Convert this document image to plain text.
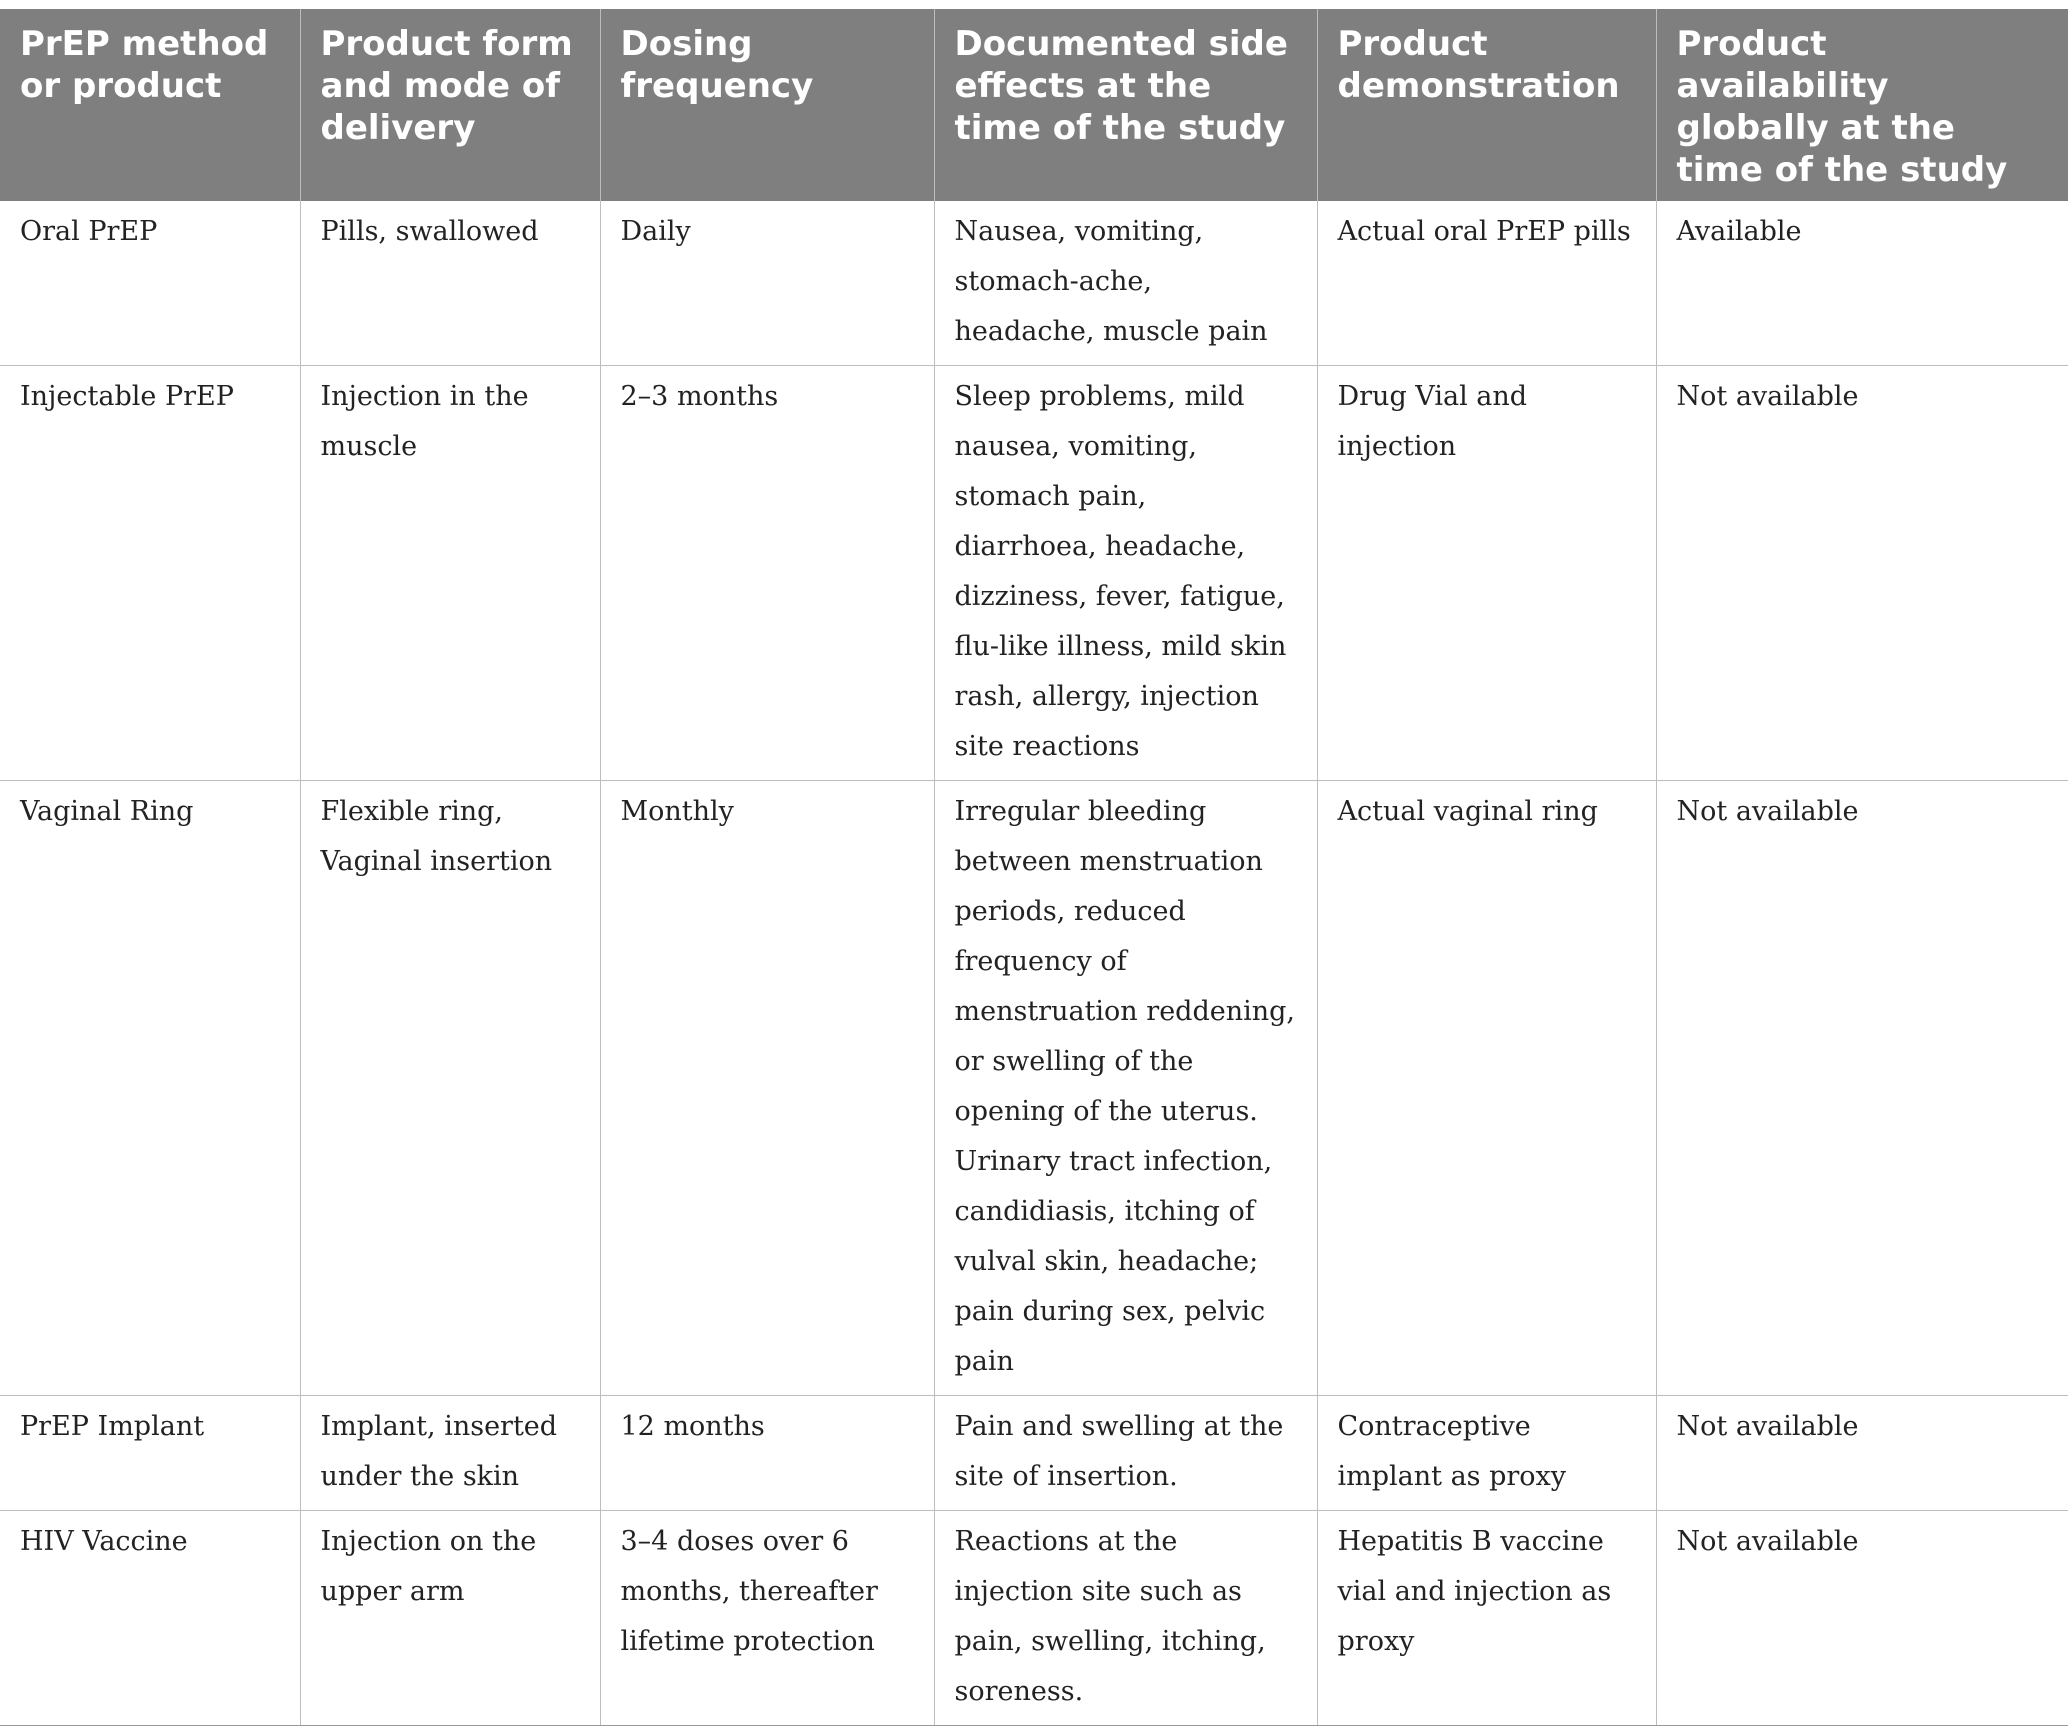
PrEP method or product	Product form and mode of delivery	Dosing frequency	Documented side effects at the time of the study	Product demonstration	Product availability globally at the time of the study
Oral PrEP	Pills, swallowed	Daily	Nausea, vomiting, stomach-ache, headache, muscle pain	Actual oral PrEP pills	Available
Injectable PrEP	Injection in the muscle	2–3 months	Sleep problems, mild nausea, vomiting, stomach pain, diarrhoea, headache, dizziness, fever, fatigue, flu-like illness, mild skin rash, allergy, injection site reactions	Drug Vial and injection	Not available
Vaginal Ring	Flexible ring, Vaginal insertion	Monthly	Irregular bleeding between menstruation periods, reduced frequency of menstruation reddening, or swelling of the opening of the uterus. Urinary tract infection, candidiasis, itching of vulval skin, headache; pain during sex, pelvic pain	Actual vaginal ring	Not available
PrEP Implant	Implant, inserted under the skin	12 months	Pain and swelling at the site of insertion.	Contraceptive implant as proxy	Not available
HIV Vaccine	Injection on the upper arm	3–4 doses over 6 months, thereafter lifetime protection	Reactions at the injection site such as pain, swelling, itching, soreness.	Hepatitis B vaccine vial and injection as proxy	Not available
